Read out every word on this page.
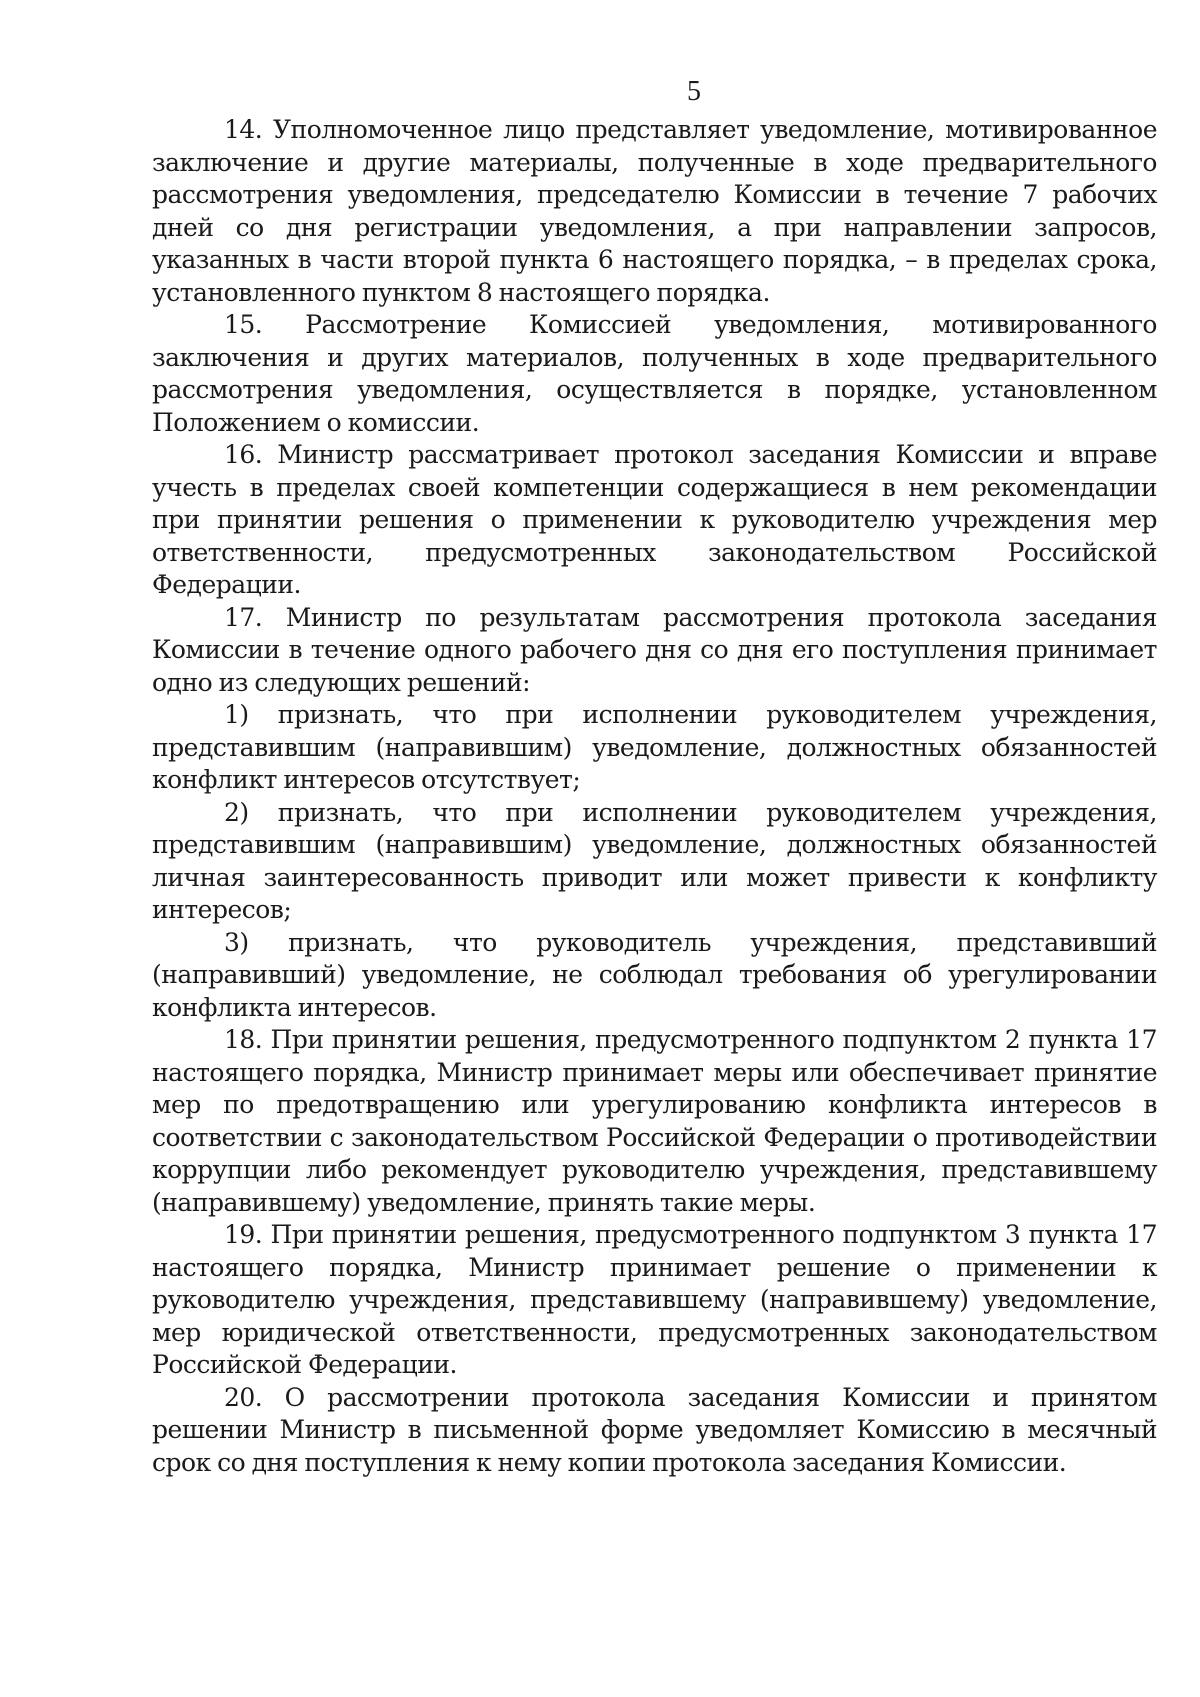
5

14. Уполномоченное лицо представляет уведомление, мотивированное заключение и другие материалы, полученные в ходе предварительного рассмотрения уведомления, председателю Комиссии в течение 7 рабочих дней со дня регистрации уведомления, а при направлении запросов, указанных в части второй пункта 6 настоящего порядка, – в пределах срока, установленного пунктом 8 настоящего порядка.

15. Рассмотрение Комиссией уведомления, мотивированного заключения и других материалов, полученных в ходе предварительного рассмотрения уведомления, осуществляется в порядке, установленном Положением о комиссии.

16. Министр рассматривает протокол заседания Комиссии и вправе учесть в пределах своей компетенции содержащиеся в нем рекомендации при принятии решения о применении к руководителю учреждения мер ответственности, предусмотренных законодательством Российской Федерации.

17. Министр по результатам рассмотрения протокола заседания Комиссии в течение одного рабочего дня со дня его поступления принимает одно из следующих решений:

1) признать, что при исполнении руководителем учреждения, представившим (направившим) уведомление, должностных обязанностей конфликт интересов отсутствует;

2) признать, что при исполнении руководителем учреждения, представившим (направившим) уведомление, должностных обязанностей личная заинтересованность приводит или может привести к конфликту интересов;

3) признать, что руководитель учреждения, представивший (направивший) уведомление, не соблюдал требования об урегулировании конфликта интересов.

18. При принятии решения, предусмотренного подпунктом 2 пункта 17 настоящего порядка, Министр принимает меры или обеспечивает принятие мер по предотвращению или урегулированию конфликта интересов в соответствии с законодательством Российской Федерации о противодействии коррупции либо рекомендует руководителю учреждения, представившему (направившему) уведомление, принять такие меры.

19. При принятии решения, предусмотренного подпунктом 3 пункта 17 настоящего порядка, Министр принимает решение о применении к руководителю учреждения, представившему (направившему) уведомление, мер юридической ответственности, предусмотренных законодательством Российской Федерации.

20. О рассмотрении протокола заседания Комиссии и принятом решении Министр в письменной форме уведомляет Комиссию в месячный срок со дня поступления к нему копии протокола заседания Комиссии.
